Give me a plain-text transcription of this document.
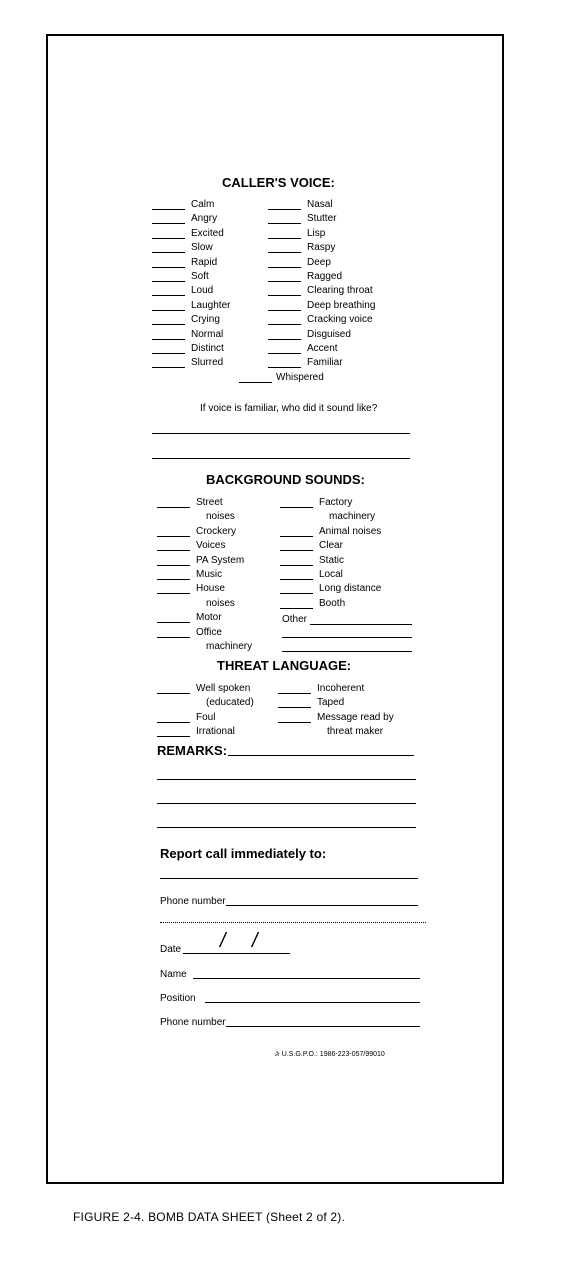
CALLER'S VOICE:
Calm
Angry
Excited
Slow
Rapid
Soft
Loud
Laughter
Crying
Normal
Distinct
Slurred
Nasal
Stutter
Lisp
Raspy
Deep
Ragged
Clearing throat
Deep breathing
Cracking voice
Disguised
Accent
Familiar
Whispered
If voice is familiar, who did it sound like?
BACKGROUND SOUNDS:
Street
noises
Crockery
Voices
PA System
Music
House
noises
Motor
Office
machinery
Factory
machinery
Animal noises
Clear
Static
Local
Long distance
Booth
Other
THREAT LANGUAGE:
Well spoken
(educated)
Foul
Irrational
Incoherent
Taped
Message read by
threat maker
REMARKS:
Report call immediately to:
Phone number
Date / /
Name
Position
Phone number
✰ U.S.G.P.O.: 1986-223-057/99010
FIGURE 2-4. BOMB DATA SHEET (Sheet 2 of 2).
